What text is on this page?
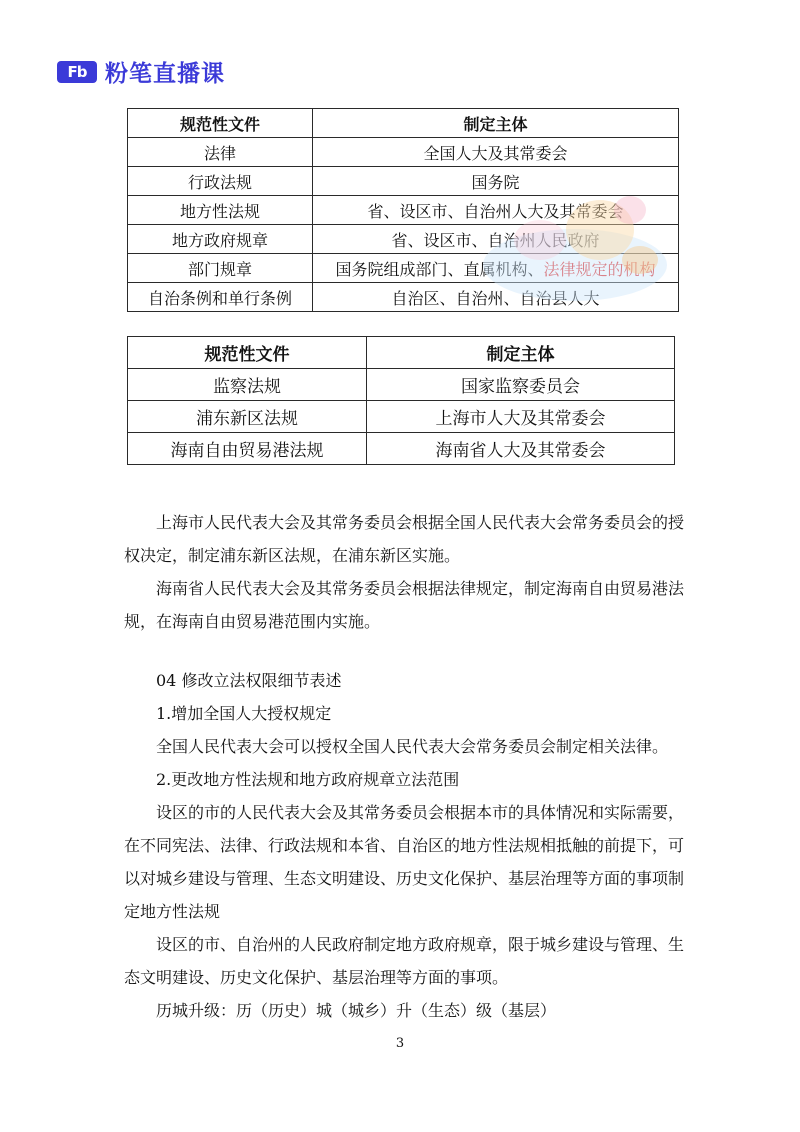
Fb 粉笔直播课
规范性文件	制定主体
法律	全国人大及其常委会
行政法规	国务院
地方性法规	省、设区市、自治州人大及其常委会
地方政府规章	省、设区市、自治州人民政府
部门规章	国务院组成部门、直属机构、法律规定的机构
自治条例和单行条例	自治区、自治州、自治县人大
规范性文件	制定主体
监察法规	国家监察委员会
浦东新区法规	上海市人大及其常委会
海南自由贸易港法规	海南省人大及其常委会

上海市人民代表大会及其常务委员会根据全国人民代表大会常务委员会的授权决定，制定浦东新区法规，在浦东新区实施。

海南省人民代表大会及其常务委员会根据法律规定，制定海南自由贸易港法规，在海南自由贸易港范围内实施。

04 修改立法权限细节表述

1.增加全国人大授权规定

全国人民代表大会可以授权全国人民代表大会常务委员会制定相关法律。

2.更改地方性法规和地方政府规章立法范围

设区的市的人民代表大会及其常务委员会根据本市的具体情况和实际需要，在不同宪法、法律、行政法规和本省、自治区的地方性法规相抵触的前提下，可以对城乡建设与管理、生态文明建设、历史文化保护、基层治理等方面的事项制定地方性法规

设区的市、自治州的人民政府制定地方政府规章，限于城乡建设与管理、生态文明建设、历史文化保护、基层治理等方面的事项。

历城升级：历（历史）城（城乡）升（生态）级（基层）

3
